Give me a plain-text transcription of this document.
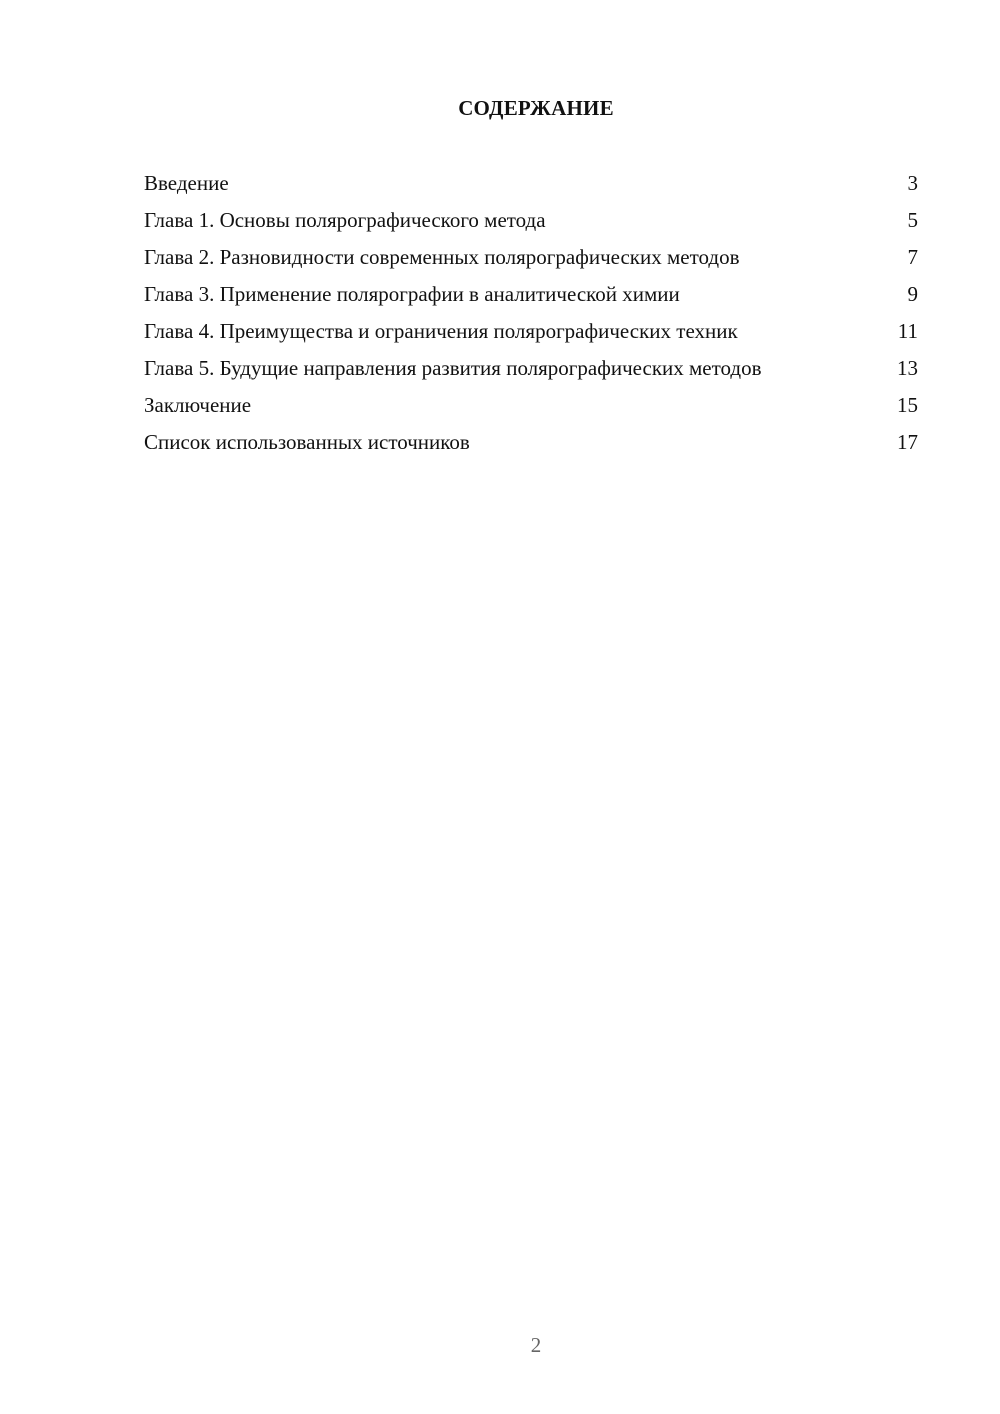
СОДЕРЖАНИЕ
Введение	3
Глава 1. Основы полярографического метода	5
Глава 2. Разновидности современных полярографических методов	7
Глава 3. Применение полярографии в аналитической химии	9
Глава 4. Преимущества и ограничения полярографических техник	11
Глава 5. Будущие направления развития полярографических методов	13
Заключение	15
Список использованных источников	17

2
